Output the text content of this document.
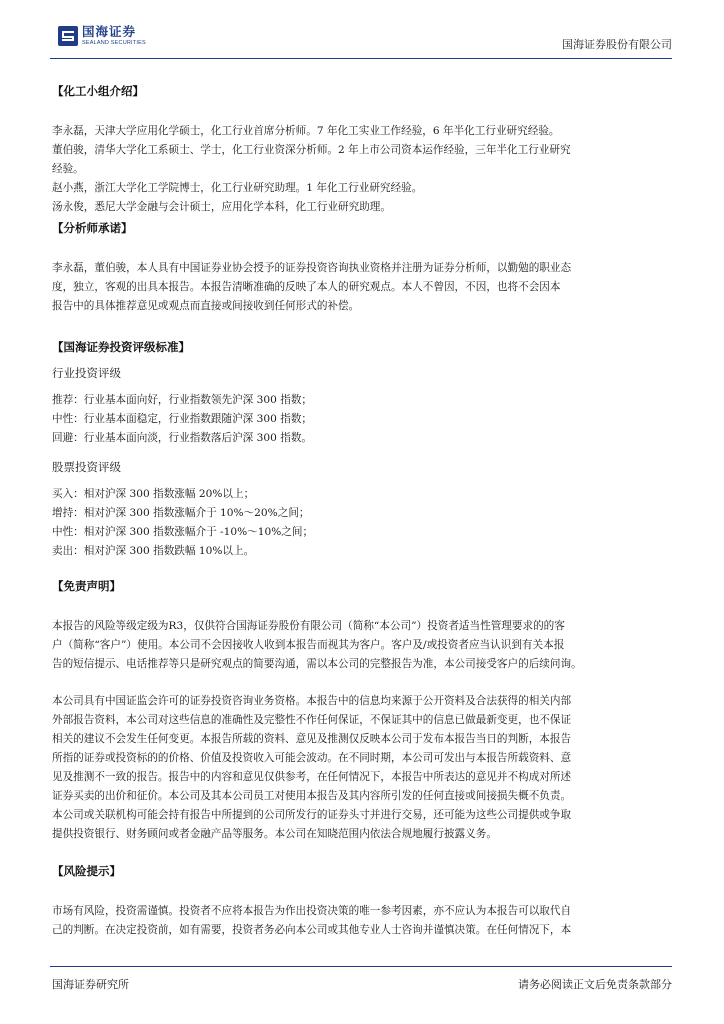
国海证券
SEALAND SECURITIES	国海证券股份有限公司
【化工小组介绍】
李永磊，天津大学应用化学硕士，化工行业首席分析师。7 年化工实业工作经验，6 年半化工行业研究经验。
董伯骏，清华大学化工系硕士、学士，化工行业资深分析师。2 年上市公司资本运作经验，三年半化工行业研究
经验。
赵小燕，浙江大学化工学院博士，化工行业研究助理。1 年化工行业研究经验。
汤永俊，悉尼大学金融与会计硕士，应用化学本科，化工行业研究助理。
【分析师承诺】
李永磊，董伯骏，本人具有中国证券业协会授予的证券投资咨询执业资格并注册为证券分析师，以勤勉的职业态
度，独立，客观的出具本报告。本报告清晰准确的反映了本人的研究观点。本人不曾因，不因，也将不会因本
报告中的具体推荐意见或观点而直接或间接收到任何形式的补偿。
【国海证券投资评级标准】
行业投资评级
推荐：行业基本面向好，行业指数领先沪深 300 指数；
中性：行业基本面稳定，行业指数跟随沪深 300 指数；
回避：行业基本面向淡，行业指数落后沪深 300 指数。
股票投资评级
买入：相对沪深 300 指数涨幅 20%以上；
增持：相对沪深 300 指数涨幅介于 10%～20%之间；
中性：相对沪深 300 指数涨幅介于 -10%～10%之间；
卖出：相对沪深 300 指数跌幅 10%以上。
【免责声明】
本报告的风险等级定级为R3，仅供符合国海证券股份有限公司（简称“本公司”）投资者适当性管理要求的的客
户（简称“客户”）使用。本公司不会因接收人收到本报告而视其为客户。客户及/或投资者应当认识到有关本报
告的短信提示、电话推荐等只是研究观点的简要沟通，需以本公司的完整报告为准，本公司接受客户的后续问询。
本公司具有中国证监会许可的证券投资咨询业务资格。本报告中的信息均来源于公开资料及合法获得的相关内部
外部报告资料，本公司对这些信息的准确性及完整性不作任何保证，不保证其中的信息已做最新变更，也不保证
相关的建议不会发生任何变更。本报告所载的资料、意见及推测仅反映本公司于发布本报告当日的判断，本报告
所指的证券或投资标的的价格、价值及投资收入可能会波动。在不同时期，本公司可发出与本报告所载资料、意
见及推测不一致的报告。报告中的内容和意见仅供参考，在任何情况下，本报告中所表达的意见并不构成对所述
证券买卖的出价和征价。本公司及其本公司员工对使用本报告及其内容所引发的任何直接或间接损失概不负责。
本公司或关联机构可能会持有报告中所提到的公司所发行的证券头寸并进行交易，还可能为这些公司提供或争取
提供投资银行、财务顾问或者金融产品等服务。本公司在知晓范围内依法合规地履行披露义务。
【风险提示】
市场有风险，投资需谨慎。投资者不应将本报告为作出投资决策的唯一参考因素，亦不应认为本报告可以取代自
己的判断。在决定投资前，如有需要，投资者务必向本公司或其他专业人士咨询并谨慎决策。在任何情况下，本
国海证券研究所	请务必阅读正文后免责条款部分
